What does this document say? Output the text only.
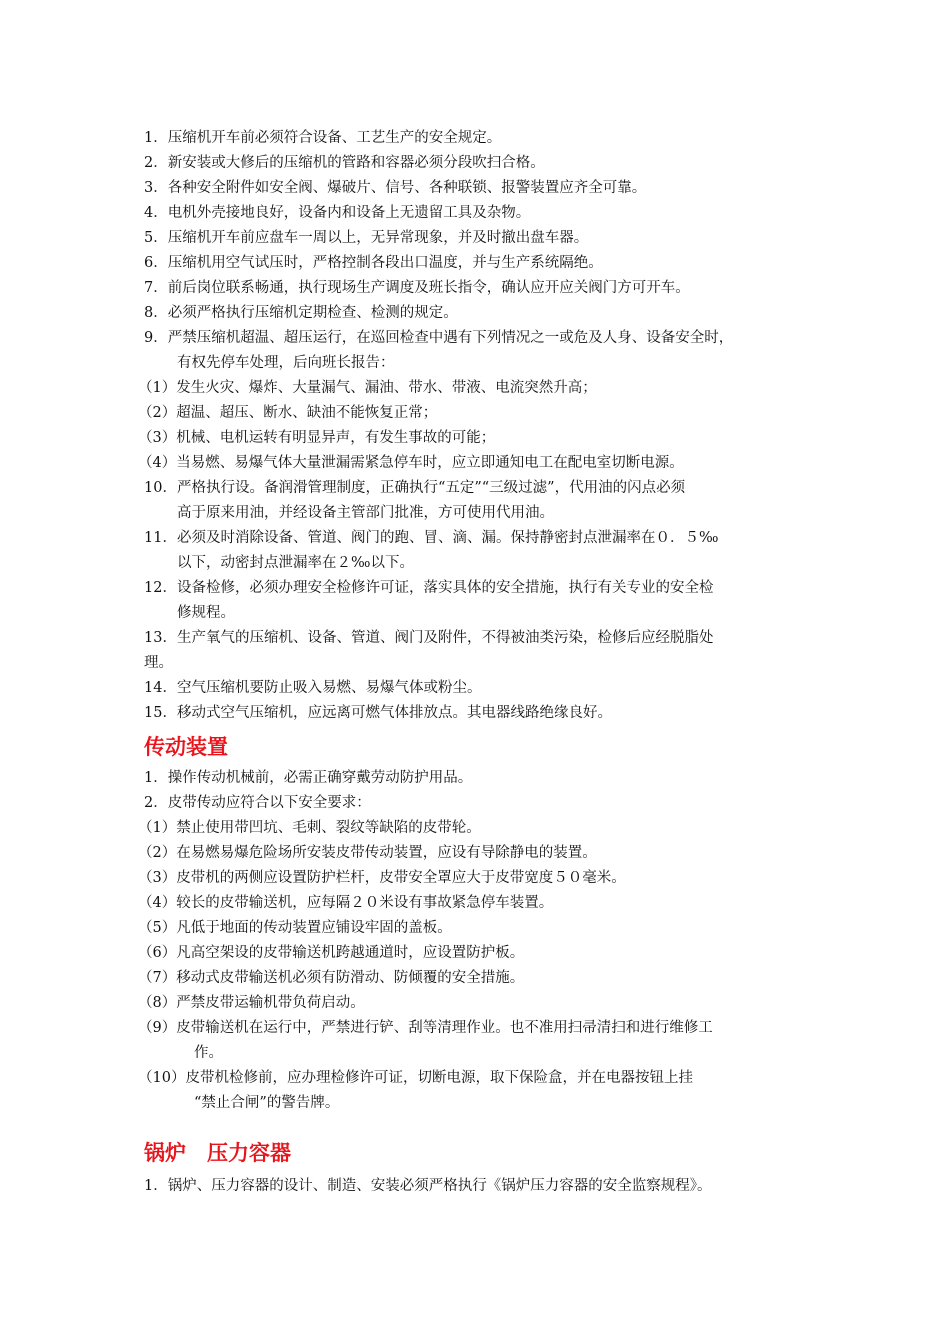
1．压缩机开车前必须符合设备、工艺生产的安全规定。
2．新安装或大修后的压缩机的管路和容器必须分段吹扫合格。
3．各种安全附件如安全阀、爆破片、信号、各种联锁、报警装置应齐全可靠。
4．电机外壳接地良好，设备内和设备上无遗留工具及杂物。
5．压缩机开车前应盘车一周以上，无异常现象，并及时撤出盘车器。
6．压缩机用空气试压时，严格控制各段出口温度，并与生产系统隔绝。
7．前后岗位联系畅通，执行现场生产调度及班长指令，确认应开应关阀门方可开车。
8．必须严格执行压缩机定期检查、检测的规定。
9．严禁压缩机超温、超压运行，在巡回检查中遇有下列情况之一或危及人身、设备安全时，
有权先停车处理，后向班长报告：
（1）发生火灾、爆炸、大量漏气、漏油、带水、带液、电流突然升高；
（2）超温、超压、断水、缺油不能恢复正常；
（3）机械、电机运转有明显异声，有发生事故的可能；
（4）当易燃、易爆气体大量泄漏需紧急停车时，应立即通知电工在配电室切断电源。
10．严格执行设。备润滑管理制度，正确执行“五定”“三级过滤”，代用油的闪点必须
高于原来用油，并经设备主管部门批准，方可使用代用油。
11．必须及时消除设备、管道、阀门的跑、冒、滴、漏。保持静密封点泄漏率在０．５‰
以下，动密封点泄漏率在２‰以下。
12．设备检修，必须办理安全检修许可证，落实具体的安全措施，执行有关专业的安全检
修规程。
13．生产氧气的压缩机、设备、管道、阀门及附件，不得被油类污染，检修后应经脱脂处
理。
14．空气压缩机要防止吸入易燃、易爆气体或粉尘。
15．移动式空气压缩机，应远离可燃气体排放点。其电器线路绝缘良好。
传动装置
1．操作传动机械前，必需正确穿戴劳动防护用品。
2．皮带传动应符合以下安全要求：
（1）禁止使用带凹坑、毛刺、裂纹等缺陷的皮带轮。
（2）在易燃易爆危险场所安装皮带传动装置，应设有导除静电的装置。
（3）皮带机的两侧应设置防护栏杆，皮带安全罩应大于皮带宽度５０毫米。
（4）较长的皮带输送机，应每隔２０米设有事故紧急停车装置。
（5）凡低于地面的传动装置应铺设牢固的盖板。
（6）凡高空架设的皮带输送机跨越通道时，应设置防护板。
（7）移动式皮带输送机必须有防滑动、防倾覆的安全措施。
（8）严禁皮带运输机带负荷启动。
（9）皮带输送机在运行中，严禁进行铲、刮等清理作业。也不准用扫帚清扫和进行维修工
作。
（10）皮带机检修前，应办理检修许可证，切断电源，取下保险盒，并在电器按钮上挂
“禁止合闸”的警告牌。
锅炉　压力容器
1．锅炉、压力容器的设计、制造、安装必须严格执行《锅炉压力容器的安全监察规程》。
